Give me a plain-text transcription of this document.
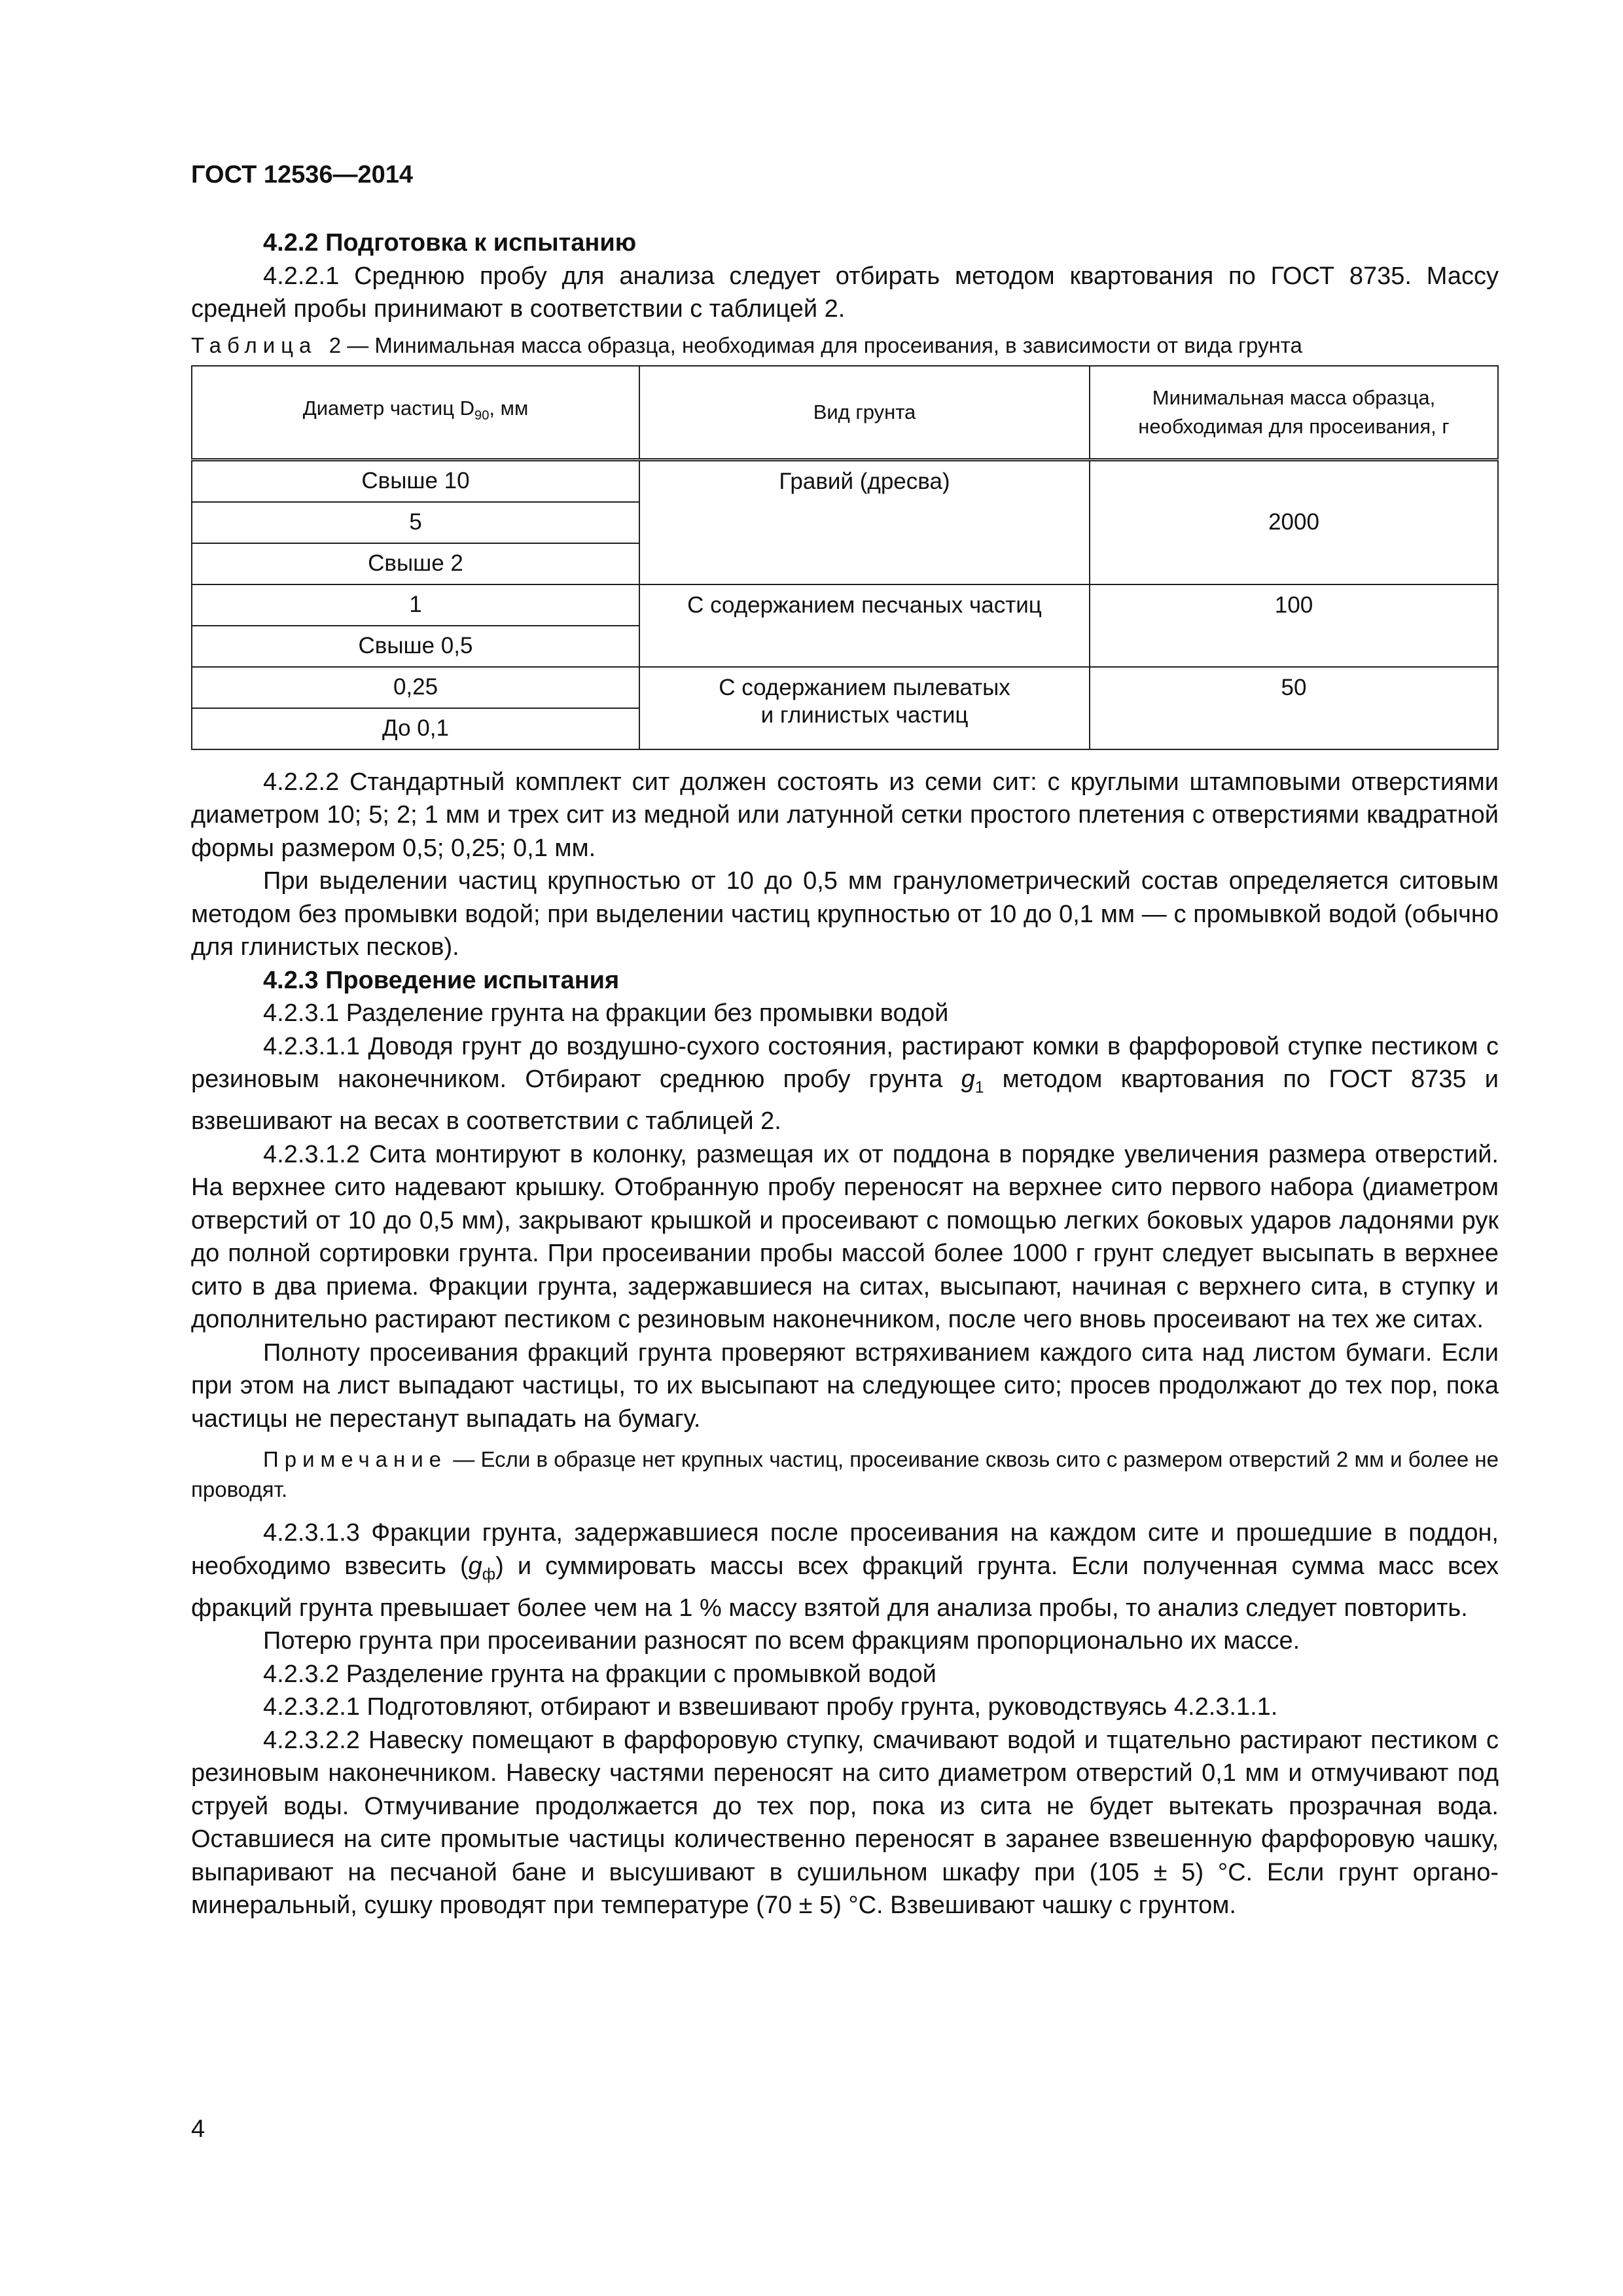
ГОСТ 12536—2014

4.2.2 Подготовка к испытанию

4.2.2.1 Среднюю пробу для анализа следует отбирать методом квартования по ГОСТ 8735. Массу средней пробы принимают в соответствии с таблицей 2.

Таблица 2 — Минимальная масса образца, необходимая для просеивания, в зависимости от вида грунта

Диаметр частиц $D_{90}$, мм	Вид грунта	Минимальная масса образца,
необходимая для просеивания, г
Свыше 10	Гравий (дресва)	2000
5		
Свыше 2		
1	С содержанием песчаных частиц	100
Свыше 0,5		
0,25	С содержанием пылеватых
и глинистых частиц	50
До 0,1		

4.2.2.2 Стандартный комплект сит должен состоять из семи сит: с круглыми штамповыми отверстиями диаметром 10; 5; 2; 1 мм и трех сит из медной или латунной сетки простого плетения с отверстиями квадратной формы размером 0,5; 0,25; 0,1 мм.

При выделении частиц крупностью от 10 до 0,5 мм гранулометрический состав определяется ситовым методом без промывки водой; при выделении частиц крупностью от 10 до 0,1 мм — с промывкой водой (обычно для глинистых песков).

4.2.3 Проведение испытания

4.2.3.1 Разделение грунта на фракции без промывки водой

4.2.3.1.1 Доводя грунт до воздушно-сухого состояния, растирают комки в фарфоровой ступке пестиком с резиновым наконечником. Отбирают среднюю пробу грунта $g_1$ методом квартования по ГОСТ 8735 и взвешивают на весах в соответствии с таблицей 2.

4.2.3.1.2 Сита монтируют в колонку, размещая их от поддона в порядке увеличения размера отверстий. На верхнее сито надевают крышку. Отобранную пробу переносят на верхнее сито первого набора (диаметром отверстий от 10 до 0,5 мм), закрывают крышкой и просеивают с помощью легких боковых ударов ладонями рук до полной сортировки грунта. При просеивании пробы массой более 1000 г грунт следует высыпать в верхнее сито в два приема. Фракции грунта, задержавшиеся на ситах, высыпают, начиная с верхнего сита, в ступку и дополнительно растирают пестиком с резиновым наконечником, после чего вновь просеивают на тех же ситах.

Полноту просеивания фракций грунта проверяют встряхиванием каждого сита над листом бумаги. Если при этом на лист выпадают частицы, то их высыпают на следующее сито; просев продолжают до тех пор, пока частицы не перестанут выпадать на бумагу.

Примечание — Если в образце нет крупных частиц, просеивание сквозь сито с размером отверстий 2 мм и более не проводят.

4.2.3.1.3 Фракции грунта, задержавшиеся после просеивания на каждом сите и прошедшие в поддон, необходимо взвесить $(g_ф)$ и суммировать массы всех фракций грунта. Если полученная сумма масс всех фракций грунта превышает более чем на 1 % массу взятой для анализа пробы, то анализ следует повторить.

Потерю грунта при просеивании разносят по всем фракциям пропорционально их массе.

4.2.3.2 Разделение грунта на фракции с промывкой водой

4.2.3.2.1 Подготовляют, отбирают и взвешивают пробу грунта, руководствуясь 4.2.3.1.1.

4.2.3.2.2 Навеску помещают в фарфоровую ступку, смачивают водой и тщательно растирают пестиком с резиновым наконечником. Навеску частями переносят на сито диаметром отверстий 0,1 мм и отмучивают под струей воды. Отмучивание продолжается до тех пор, пока из сита не будет вытекать прозрачная вода. Оставшиеся на сите промытые частицы количественно переносят в заранее взвешенную фарфоровую чашку, выпаривают на песчаной бане и высушивают в сушильном шкафу при (105 ± 5) °С. Если грунт органо-минеральный, сушку проводят при температуре (70 ± 5) °С. Взвешивают чашку с грунтом.

4
